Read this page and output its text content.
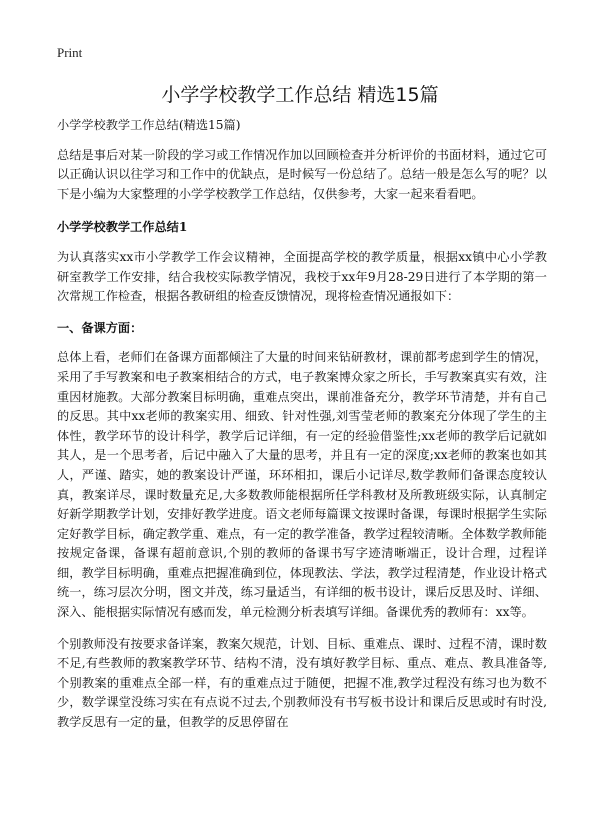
Print
小学学校教学工作总结 精选15篇

小学学校教学工作总结(精选15篇)

总结是事后对某一阶段的学习或工作情况作加以回顾检查并分析评价的书面材料，通过它可以正确认识以往学习和工作中的优缺点，是时候写一份总结了。总结一般是怎么写的呢？以下是小编为大家整理的小学学校教学工作总结，仅供参考，大家一起来看看吧。

小学学校教学工作总结1

为认真落实xx市小学教学工作会议精神，全面提高学校的教学质量，根据xx镇中心小学教研室教学工作安排，结合我校实际教学情况，我校于xx年9月28-29日进行了本学期的第一次常规工作检查，根据各教研组的检查反馈情况，现将检查情况通报如下：

一、备课方面：

总体上看，老师们在备课方面都倾注了大量的时间来钻研教材，课前都考虑到学生的情况，采用了手写教案和电子教案相结合的方式，电子教案博众家之所长，手写教案真实有效，注重因材施教。大部分教案目标明确，重难点突出，课前准备充分，教学环节清楚，并有自己的反思。其中xx老师的教案实用、细致、针对性强,刘雪莹老师的教案充分体现了学生的主体性，教学环节的设计科学，教学后记详细，有一定的经验借鉴性;xx老师的教学后记就如其人，是一个思考者，后记中融入了大量的思考，并且有一定的深度;xx老师的教案也如其人，严谨、踏实，她的教案设计严谨，环环相扣，课后小记详尽,数学教师们备课态度较认真，教案详尽，课时数量充足,大多数教师能根据所任学科教材及所教班级实际，认真制定好新学期教学计划，安排好教学进度。语文老师每篇课文按课时备课，每课时根据学生实际定好教学目标，确定教学重、难点，有一定的教学准备，教学过程较清晰。全体数学教师能按规定备课，备课有超前意识,个别的教师的备课书写字迹清晰端正，设计合理，过程详细，教学目标明确，重难点把握准确到位，体现教法、学法，教学过程清楚，作业设计格式统一，练习层次分明，图文并茂，练习量适当，有详细的板书设计，课后反思及时、详细、深入、能根据实际情况有感而发，单元检测分析表填写详细。备课优秀的教师有：xx等。

个别教师没有按要求备详案，教案欠规范，计划、目标、重难点、课时、过程不清，课时数不足,有些教师的教案教学环节、结构不清，没有填好教学目标、重点、难点、教具准备等,个别教案的重难点全部一样，有的重难点过于随便，把握不准,教学过程没有练习也为数不少，数学课堂没练习实在有点说不过去,个别教师没有书写板书设计和课后反思或时有时没,教学反思有一定的量，但教学的反思停留在
